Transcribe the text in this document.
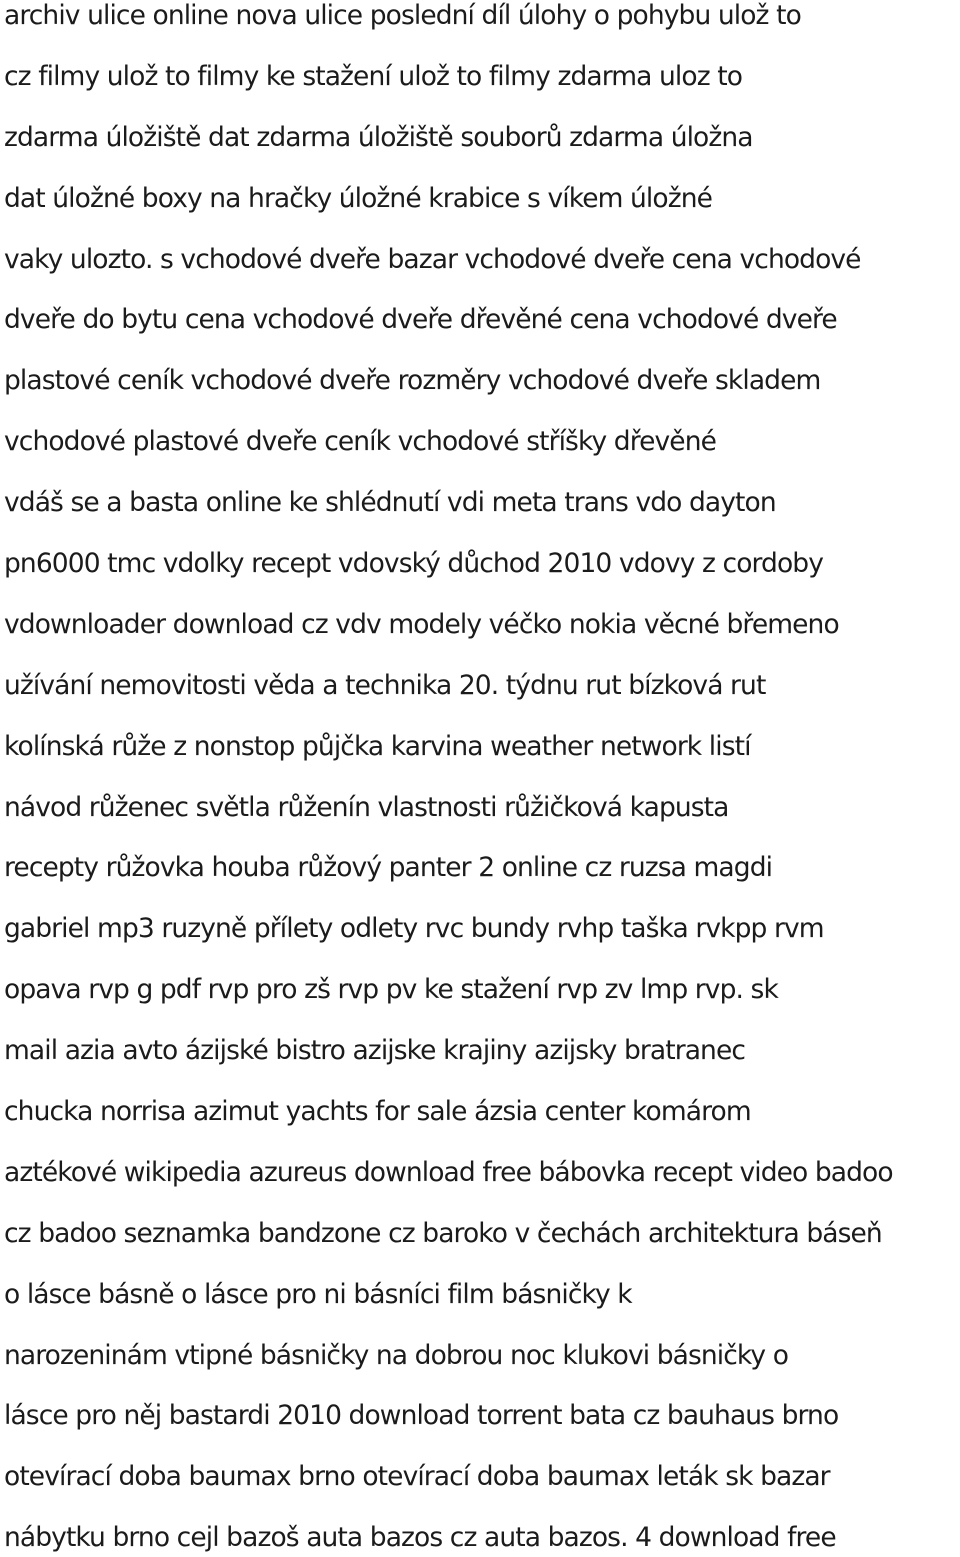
archiv ulice online nova ulice poslední díl úlohy o pohybu ulož to
cz filmy ulož to filmy ke stažení ulož to filmy zdarma uloz to
zdarma úložiště dat zdarma úložiště souborů zdarma úložna
dat úložné boxy na hračky úložné krabice s víkem úložné
vaky ulozto. s vchodové dveře bazar vchodové dveře cena vchodové
dveře do bytu cena vchodové dveře dřevěné cena vchodové dveře
plastové ceník vchodové dveře rozměry vchodové dveře skladem
vchodové plastové dveře ceník vchodové stříšky dřevěné
vdáš se a basta online ke shlédnutí vdi meta trans vdo dayton
pn6000 tmc vdolky recept vdovský důchod 2010 vdovy z cordoby
vdownloader download cz vdv modely véčko nokia věcné břemeno
užívání nemovitosti věda a technika 20. týdnu rut bízková rut
kolínská růže z nonstop půjčka karvina weather network listí
návod růženec světla růženín vlastnosti růžičková kapusta
recepty růžovka houba růžový panter 2 online cz ruzsa magdi
gabriel mp3 ruzyně přílety odlety rvc bundy rvhp taška rvkpp rvm
opava rvp g pdf rvp pro zš rvp pv ke stažení rvp zv lmp rvp. sk
mail azia avto ázijské bistro azijske krajiny azijsky bratranec
chucka norrisa azimut yachts for sale ázsia center komárom
aztékové wikipedia azureus download free bábovka recept video badoo
cz badoo seznamka bandzone cz baroko v čechách architektura báseň
o lásce básně o lásce pro ni básníci film básničky k
narozeninám vtipné básničky na dobrou noc klukovi básničky o
lásce pro něj bastardi 2010 download torrent bata cz bauhaus brno
otevírací doba baumax brno otevírací doba baumax leták sk bazar
nábytku brno cejl bazoš auta bazos cz auta bazos. 4 download free
